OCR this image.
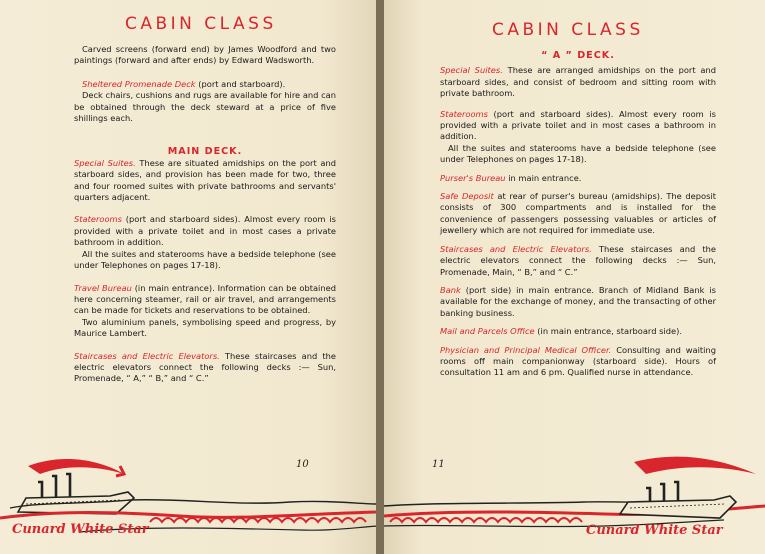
CABIN CLASS

Carved screens (forward end) by James Woodford and two paintings (forward and after ends) by Edward Wadsworth.

Sheltered Promenade Deck (port and starboard).

Deck chairs, cushions and rugs are available for hire and can be obtained through the deck steward at a price of five shillings each.

MAIN DECK.

Special Suites. These are situated amidships on the port and starboard sides, and provision has been made for two, three and four roomed suites with private bathrooms and servants' quarters adjacent.

Staterooms (port and starboard sides). Almost every room is provided with a private toilet and in most cases a private bathroom in addition.

All the suites and staterooms have a bedside telephone (see under Telephones on pages 17-18).

Travel Bureau (in main entrance). Information can be obtained here concerning steamer, rail or air travel, and arrangements can be made for tickets and reservations to be obtained.

Two aluminium panels, symbolising speed and progress, by Maurice Lambert.

Staircases and Electric Elevators. These staircases and the electric elevators connect the following decks :— Sun, Promenade, “ A,” “ B,” and “ C.”

10
Cunard White Star
CABIN CLASS
“ A ” DECK.

Special Suites. These are arranged amidships on the port and starboard sides, and consist of bedroom and sitting room with private bathroom.

Staterooms (port and starboard sides). Almost every room is provided with a private toilet and in most cases a bathroom in addition.

All the suites and staterooms have a bedside telephone (see under Telephones on pages 17-18).

Purser's Bureau in main entrance.

Safe Deposit at rear of purser's bureau (amidships). The deposit consists of 300 compartments and is installed for the convenience of passengers possessing valuables or articles of jewellery which are not required for immediate use.

Staircases and Electric Elevators. These staircases and the electric elevators connect the following decks :— Sun, Promenade, Main, “ B,” and “ C.”

Bank (port side) in main entrance. Branch of Midland Bank is available for the exchange of money, and the transacting of other banking business.

Mail and Parcels Office (in main entrance, starboard side).

Physician and Principal Medical Officer. Consulting and waiting rooms off main companionway (starboard side). Hours of consultation 11 am and 6 pm. Qualified nurse in attendance.

11
Cunard White Star
